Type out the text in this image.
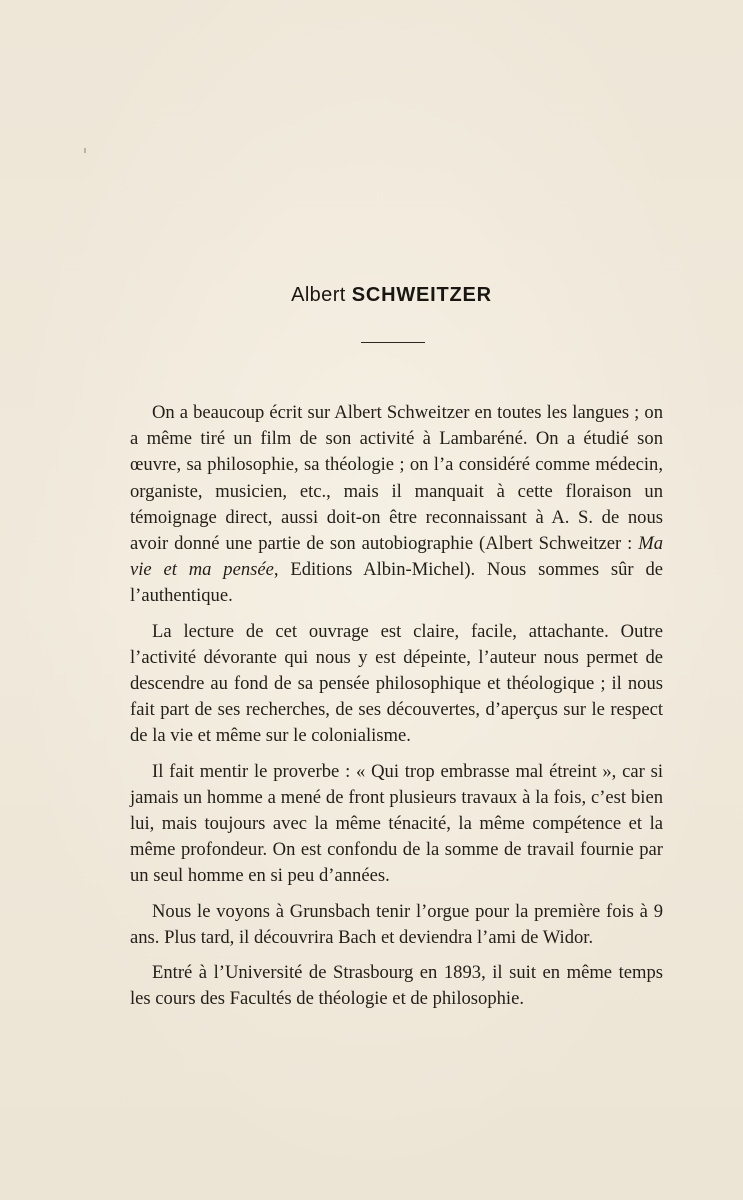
Albert SCHWEITZER

On a beaucoup écrit sur Albert Schweitzer en toutes les langues ; on a même tiré un film de son activité à Lambaréné. On a étudié son œuvre, sa philosophie, sa théologie ; on l’a considéré comme médecin, organiste, musicien, etc., mais il manquait à cette floraison un témoignage direct, aussi doit-on être reconnaissant à A. S. de nous avoir donné une partie de son autobiographie (Albert Schweitzer : Ma vie et ma pensée, Editions Albin-Michel). Nous sommes sûr de l’authentique.

La lecture de cet ouvrage est claire, facile, attachante. Outre l’activité dévorante qui nous y est dépeinte, l’auteur nous permet de descendre au fond de sa pensée philosophique et théologique ; il nous fait part de ses recherches, de ses découvertes, d’aperçus sur le respect de la vie et même sur le colonialisme.

Il fait mentir le proverbe : « Qui trop embrasse mal étreint », car si jamais un homme a mené de front plusieurs travaux à la fois, c’est bien lui, mais toujours avec la même ténacité, la même compétence et la même profondeur. On est confondu de la somme de travail fournie par un seul homme en si peu d’années.

Nous le voyons à Grunsbach tenir l’orgue pour la première fois à 9 ans. Plus tard, il découvrira Bach et deviendra l’ami de Widor.

Entré à l’Université de Strasbourg en 1893, il suit en même temps les cours des Facultés de théologie et de philosophie.
